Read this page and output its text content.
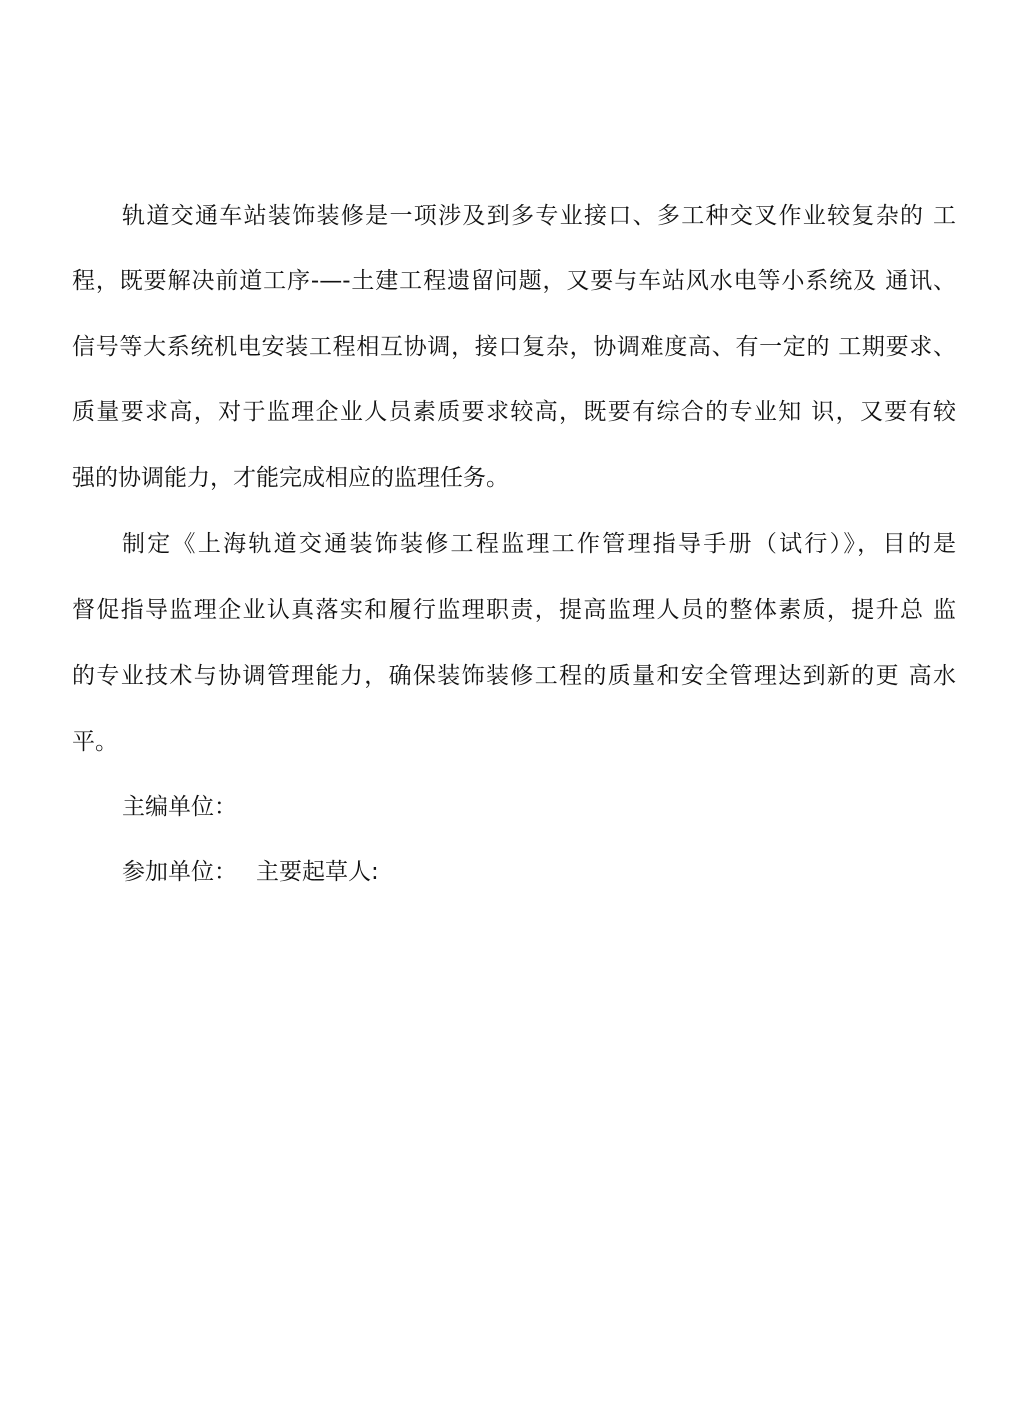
轨道交通车站装饰装修是一项涉及到多专业接口、多工种交叉作业较复杂的 工
程，既要解决前道工序-—-土建工程遗留问题，又要与车站风水电等小系统及 通讯、
信号等大系统机电安装工程相互协调，接口复杂，协调难度高、有一定的 工期要求、
质量要求高，对于监理企业人员素质要求较高，既要有综合的专业知 识，又要有较
强的协调能力，才能完成相应的监理任务。
制定《上海轨道交通装饰装修工程监理工作管理指导手册（试行）》，目的是
督促指导监理企业认真落实和履行监理职责，提高监理人员的整体素质，提升总 监
的专业技术与协调管理能力，确保装饰装修工程的质量和安全管理达到新的更 高水
平。
主编单位：
参加单位： 主要起草人:
